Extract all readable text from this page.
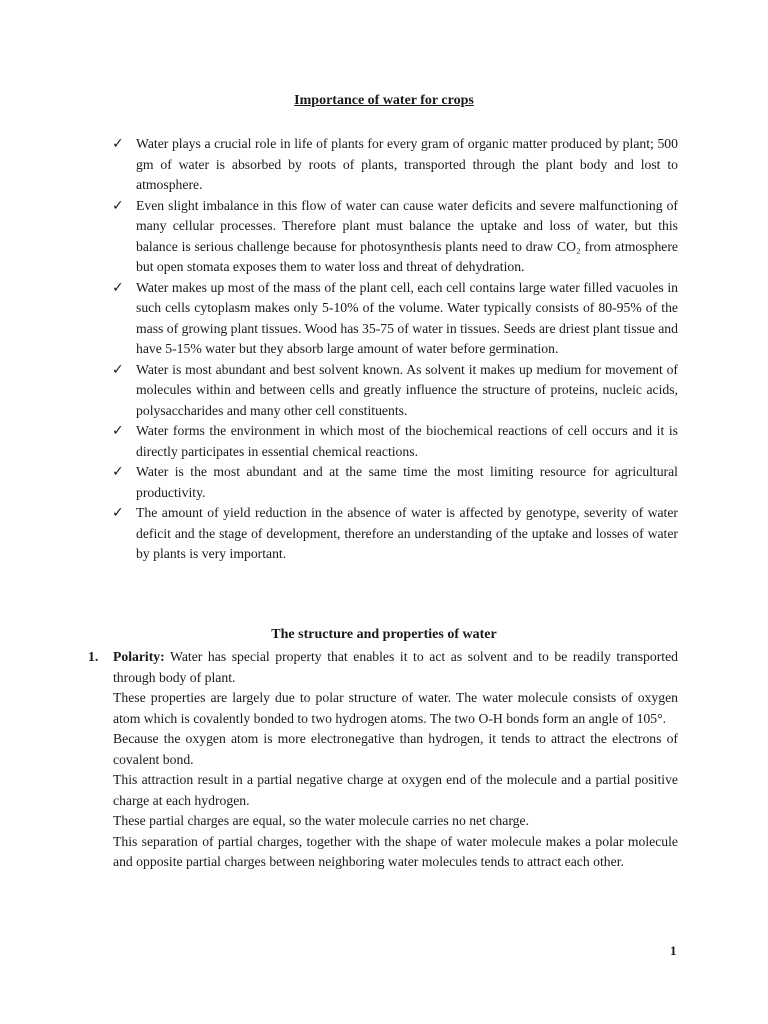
Importance of water for crops
✓ Water plays a crucial role in life of plants for every gram of organic matter produced by plant; 500 gm of water is absorbed by roots of plants, transported through the plant body and lost to atmosphere.
✓ Even slight imbalance in this flow of water can cause water deficits and severe malfunctioning of many cellular processes. Therefore plant must balance the uptake and loss of water, but this balance is serious challenge because for photosynthesis plants need to draw CO₂ from atmosphere but open stomata exposes them to water loss and threat of dehydration.
✓ Water makes up most of the mass of the plant cell, each cell contains large water filled vacuoles in such cells cytoplasm makes only 5-10% of the volume. Water typically consists of 80-95% of the mass of growing plant tissues. Wood has 35-75 of water in tissues. Seeds are driest plant tissue and have 5-15% water but they absorb large amount of water before germination.
✓ Water is most abundant and best solvent known. As solvent it makes up medium for movement of molecules within and between cells and greatly influence the structure of proteins, nucleic acids, polysaccharides and many other cell constituents.
✓ Water forms the environment in which most of the biochemical reactions of cell occurs and it is directly participates in essential chemical reactions.
✓ Water is the most abundant and at the same time the most limiting resource for agricultural productivity.
✓ The amount of yield reduction in the absence of water is affected by genotype, severity of water deficit and the stage of development, therefore an understanding of the uptake and losses of water by plants is very important.
The structure and properties of water
1. Polarity: Water has special property that enables it to act as solvent and to be readily transported through body of plant.

These properties are largely due to polar structure of water. The water molecule consists of oxygen atom which is covalently bonded to two hydrogen atoms. The two O-H bonds form an angle of 105°.

Because the oxygen atom is more electronegative than hydrogen, it tends to attract the electrons of covalent bond.

This attraction result in a partial negative charge at oxygen end of the molecule and a partial positive charge at each hydrogen.

These partial charges are equal, so the water molecule carries no net charge.

This separation of partial charges, together with the shape of water molecule makes a polar molecule and opposite partial charges between neighboring water molecules tends to attract each other.

1
